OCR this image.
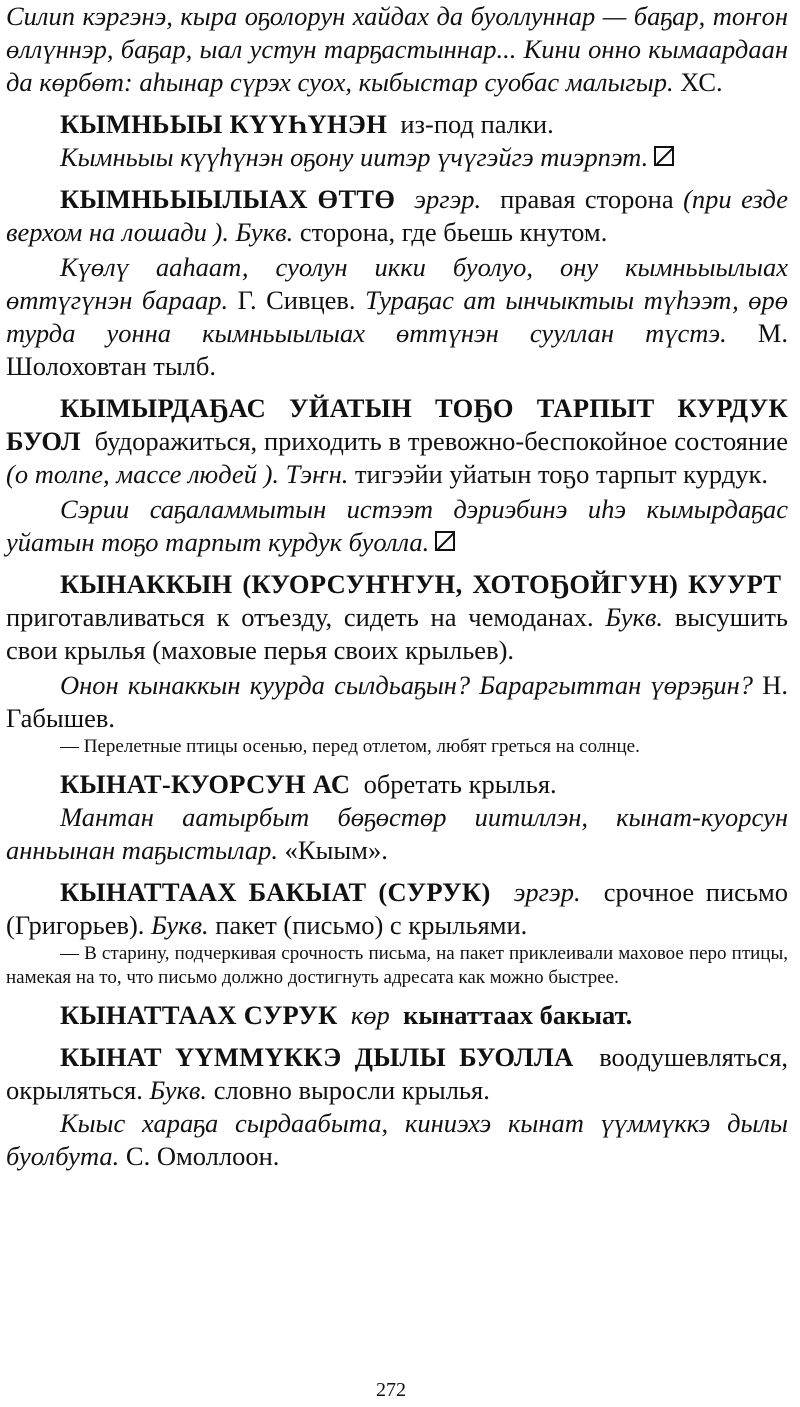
Силип кэргэнэ, кыра оҕолорун хайдах да буоллуннар — баҕар, тоҥон өллүннэр, баҕар, ыал устун тарҕастыннар... Кини онно кымаардаан да көрбөт: аһынар сүрэх суох, кыбыстар суобас малыгыр. ХС.

КЫМНЬЫЫ КҮҮҺҮНЭН из-под палки.

Кымньыы күүһүнэн оҕону иитэр үчүгэйгэ тиэрпэт.

КЫМНЬЫЫЛЫАХ ӨТТӨ эргэр. правая сторона (при езде верхом на лошади ). Букв. сторона, где бьешь кнутом.

Күөлү ааһаат, суолун икки буолуо, ону кымньыылыах өттүгүнэн бараар. Г. Сивцев. Тураҕас ат ынчыктыы түһээт, өрө турда уонна кымньыылыах өттүнэн сууллан түстэ. М. Шолоховтан тылб.

КЫМЫРДАҔАС УЙАТЫН ТОҔО ТАРПЫТ КУРДУК БУОЛ будоражиться, приходить в тревожно-беспокойное состояние (о толпе, массе людей ). Тэҥн. тигээйи уйатын тоҕо тарпыт курдук.

Сэрии саҕаламмытын истээт дэриэбинэ иһэ кымырдаҕас уйатын тоҕо тарпыт курдук буолла.

КЫНАККЫН (КУОРСУҤҤУН, ХОТОҔОЙГУН) КУУРТ  приготавливаться к отъезду, сидеть на чемоданах. Букв. высушить свои крылья (маховые перья своих крыльев).

Онон кынаккын куурда сылдьаҕын? Бараргыттан үөрэҕин? Н. Габышев.

— Перелетные птицы осенью, перед отлетом, любят греться на солнце.

КЫНАТ-КУОРСУН АС обретать крылья.

Мантан аатырбыт бөҕөстөр иитиллэн, кынат-куорсун анньынан таҕыстылар. «Кыым».

КЫНАТТААХ БАКЫАТ (СУРУК) эргэр. срочное письмо (Григорьев). Букв. пакет (письмо) с крыльями.

— В старину, подчеркивая срочность письма, на пакет приклеивали маховое перо птицы, намекая на то, что письмо должно достигнуть адресата как можно быстрее.

КЫНАТТААХ СУРУК көр кынаттаах бакыат.

КЫНАТ ҮҮММҮККЭ ДЫЛЫ БУОЛЛА воодушевляться, окрыляться. Букв. словно выросли крылья.

Кыыс хараҕа сырдаабыта, киниэхэ кынат үүммүккэ дылы буолбута. С. Омоллоон.

272
